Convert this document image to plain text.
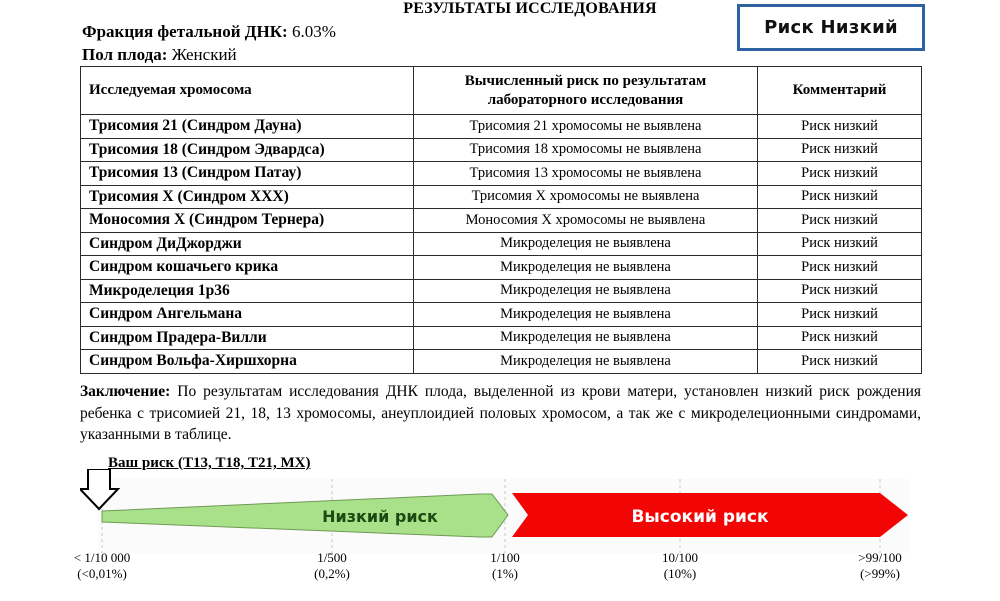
РЕЗУЛЬТАТЫ ИССЛЕДОВАНИЯ
Фракция фетальной ДНК: 6.03%
Пол плода: Женский
Риск Низкий
Исследуемая хромосома	Вычисленный риск по результатам лабораторного исследования	Комментарий
Трисомия 21 (Синдром Дауна)	Трисомия 21 хромосомы не выявлена	Риск низкий
Трисомия 18 (Синдром Эдвардса)	Трисомия 18 хромосомы не выявлена	Риск низкий
Трисомия 13 (Синдром Патау)	Трисомия 13 хромосомы не выявлена	Риск низкий
Трисомия Х (Синдром ХХХ)	Трисомия Х хромосомы не выявлена	Риск низкий
Моносомия Х (Синдром Тернера)	Моносомия Х хромосомы не выявлена	Риск низкий
Синдром ДиДжорджи	Микроделеция не выявлена	Риск низкий
Синдром кошачьего крика	Микроделеция не выявлена	Риск низкий
Микроделеция 1p36	Микроделеция не выявлена	Риск низкий
Синдром Ангельмана	Микроделеция не выявлена	Риск низкий
Синдром Прадера-Вилли	Микроделеция не выявлена	Риск низкий
Синдром Вольфа-Хиршхорна	Микроделеция не выявлена	Риск низкий
Заключение: По результатам исследования ДНК плода, выделенной из крови матери, установлен низкий риск рождения ребенка с трисомией 21, 18, 13 хромосомы, анеуплоидией половых хромосом, а так же с микроделеционными синдромами, указанными в таблице.
Ваш риск (Т13, Т18, Т21, МХ)
Низкий риск	Высокий риск
< 1/10 000
(<0,01%)
1/500
(0,2%)
1/100
(1%)
10/100
(10%)
>99/100
(>99%)
